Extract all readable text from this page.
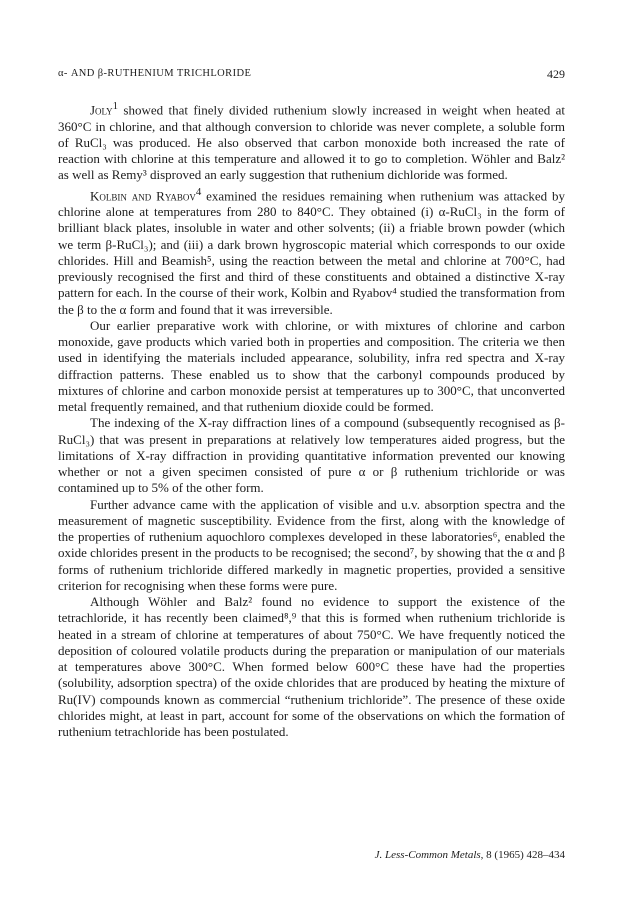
α- AND β-RUTHENIUM TRICHLORIDE	429

Joly$^1$ showed that finely divided ruthenium slowly increased in weight when heated at 360°C in chlorine, and that although conversion to chloride was never complete, a soluble form of RuCl₃ was produced. He also observed that carbon monoxide both increased the rate of reaction with chlorine at this temperature and allowed it to go to completion. Wöhler and Balz² as well as Remy³ disproved an early suggestion that ruthenium dichloride was formed.

Kolbin and Ryabov$^4$ examined the residues remaining when ruthenium was attacked by chlorine alone at temperatures from 280 to 840°C. They obtained (i) α-RuCl₃ in the form of brilliant black plates, insoluble in water and other solvents; (ii) a friable brown powder (which we term β-RuCl₃); and (iii) a dark brown hygroscopic material which corresponds to our oxide chlorides. Hill and Beamish⁵, using the reaction between the metal and chlorine at 700°C, had previously recognised the first and third of these constituents and obtained a distinctive X-ray pattern for each. In the course of their work, Kolbin and Ryabov⁴ studied the transformation from the β to the α form and found that it was irreversible.

Our earlier preparative work with chlorine, or with mixtures of chlorine and carbon monoxide, gave products which varied both in properties and composition. The criteria we then used in identifying the materials included appearance, solubility, infra red spectra and X-ray diffraction patterns. These enabled us to show that the carbonyl compounds produced by mixtures of chlorine and carbon monoxide persist at temperatures up to 300°C, that unconverted metal frequently remained, and that ruthenium dioxide could be formed.

The indexing of the X-ray diffraction lines of a compound (subsequently recognised as β-RuCl₃) that was present in preparations at relatively low temperatures aided progress, but the limitations of X-ray diffraction in providing quantitative information prevented our knowing whether or not a given specimen consisted of pure α or β ruthenium trichloride or was contamined up to 5% of the other form.

Further advance came with the application of visible and u.v. absorption spectra and the measurement of magnetic susceptibility. Evidence from the first, along with the knowledge of the properties of ruthenium aquochloro complexes developed in these laboratories⁶, enabled the oxide chlorides present in the products to be recognised; the second⁷, by showing that the α and β forms of ruthenium trichloride differed markedly in magnetic properties, provided a sensitive criterion for recognising when these forms were pure.

Although Wöhler and Balz² found no evidence to support the existence of the tetrachloride, it has recently been claimed⁸,⁹ that this is formed when ruthenium trichloride is heated in a stream of chlorine at temperatures of about 750°C. We have frequently noticed the deposition of coloured volatile products during the preparation or manipulation of our materials at temperatures above 300°C. When formed below 600°C these have had the properties (solubility, adsorption spectra) of the oxide chlorides that are produced by heating the mixture of Ru(IV) compounds known as commercial “ruthenium trichloride”. The presence of these oxide chlorides might, at least in part, account for some of the observations on which the formation of ruthenium tetrachloride has been postulated.

J. Less-Common Metals, 8 (1965) 428–434
